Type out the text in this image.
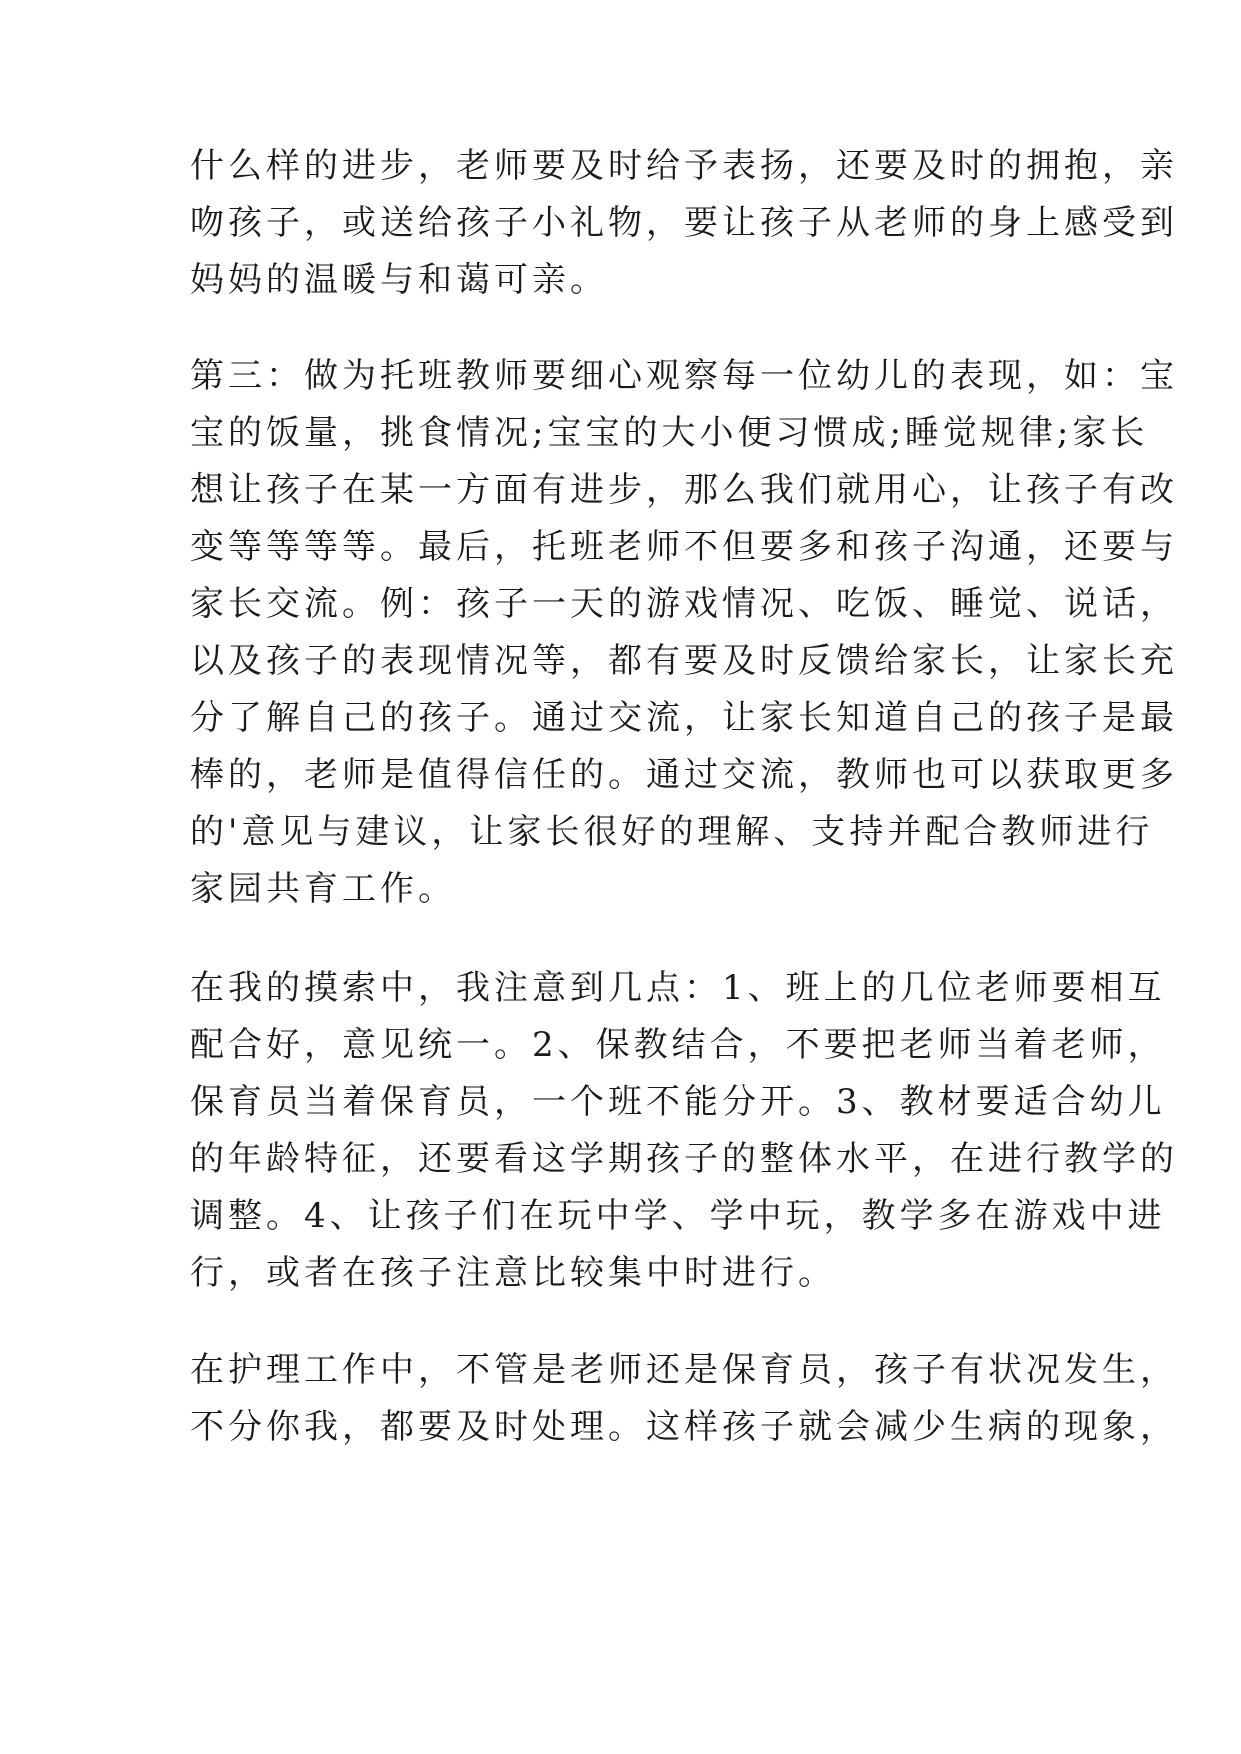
什么样的进步，老师要及时给予表扬，还要及时的拥抱，亲
吻孩子，或送给孩子小礼物，要让孩子从老师的身上感受到
妈妈的温暖与和蔼可亲。
第三：做为托班教师要细心观察每一位幼儿的表现，如：宝
宝的饭量，挑食情况;宝宝的大小便习惯成;睡觉规律;家长
想让孩子在某一方面有进步，那么我们就用心，让孩子有改
变等等等等。最后，托班老师不但要多和孩子沟通，还要与
家长交流。例：孩子一天的游戏情况、吃饭、睡觉、说话，
以及孩子的表现情况等，都有要及时反馈给家长，让家长充
分了解自己的孩子。通过交流，让家长知道自己的孩子是最
棒的，老师是值得信任的。通过交流，教师也可以获取更多
的'意见与建议，让家长很好的理解、支持并配合教师进行
家园共育工作。
在我的摸索中，我注意到几点：1、班上的几位老师要相互
配合好，意见统一。2、保教结合，不要把老师当着老师，
保育员当着保育员，一个班不能分开。3、教材要适合幼儿
的年龄特征，还要看这学期孩子的整体水平，在进行教学的
调整。4、让孩子们在玩中学、学中玩，教学多在游戏中进
行，或者在孩子注意比较集中时进行。
在护理工作中，不管是老师还是保育员，孩子有状况发生，
不分你我，都要及时处理。这样孩子就会减少生病的现象，
